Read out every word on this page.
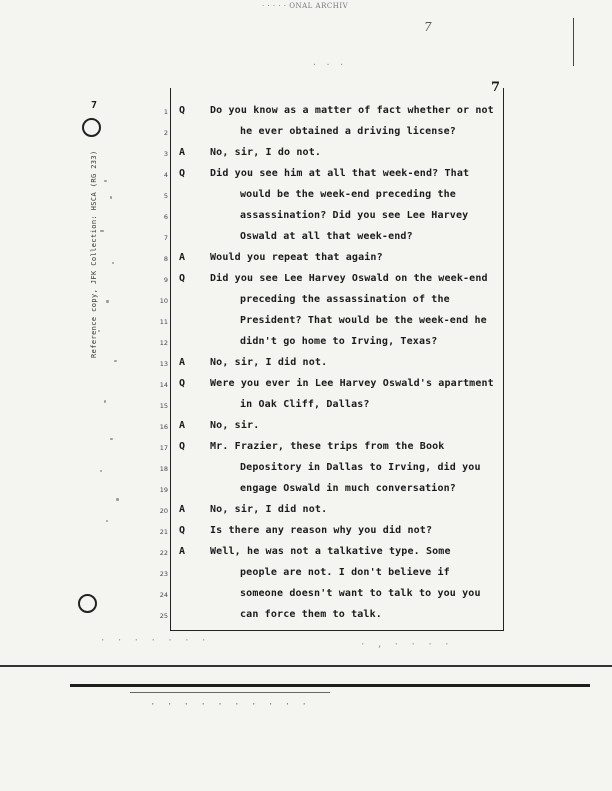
· · · · · ONAL ARCHIV
7
· · ·
7
7
Reference copy, JFK Collection: HSCA (RG 233)
1 Q Do you know as a matter of fact whether or not
2	he ever obtained a driving license?
3 A No, sir, I do not.
4 Q Did you see him at all that week-end? That
5	would be the week-end preceding the
6	assassination? Did you see Lee Harvey
7	Oswald at all that week-end?
8 A Would you repeat that again?
9 Q Did you see Lee Harvey Oswald on the week-end
10	preceding the assassination of the
11	President? That would be the week-end he
12	didn't go home to Irving, Texas?
13 A No, sir, I did not.
14 Q Were you ever in Lee Harvey Oswald's apartment
15	in Oak Cliff, Dallas?
16 A No, sir.
17 Q Mr. Frazier, these trips from the Book
18	Depository in Dallas to Irving, did you
19	engage Oswald in much conversation?
20 A No, sir, I did not.
21 Q Is there any reason why you did not?
22 A Well, he was not a talkative type. Some
23	people are not. I don't believe if
24	someone doesn't want to talk to you you
25	can force them to talk.
· · · · · · ·	· , · · · ·
· · · · · · · · · ·
